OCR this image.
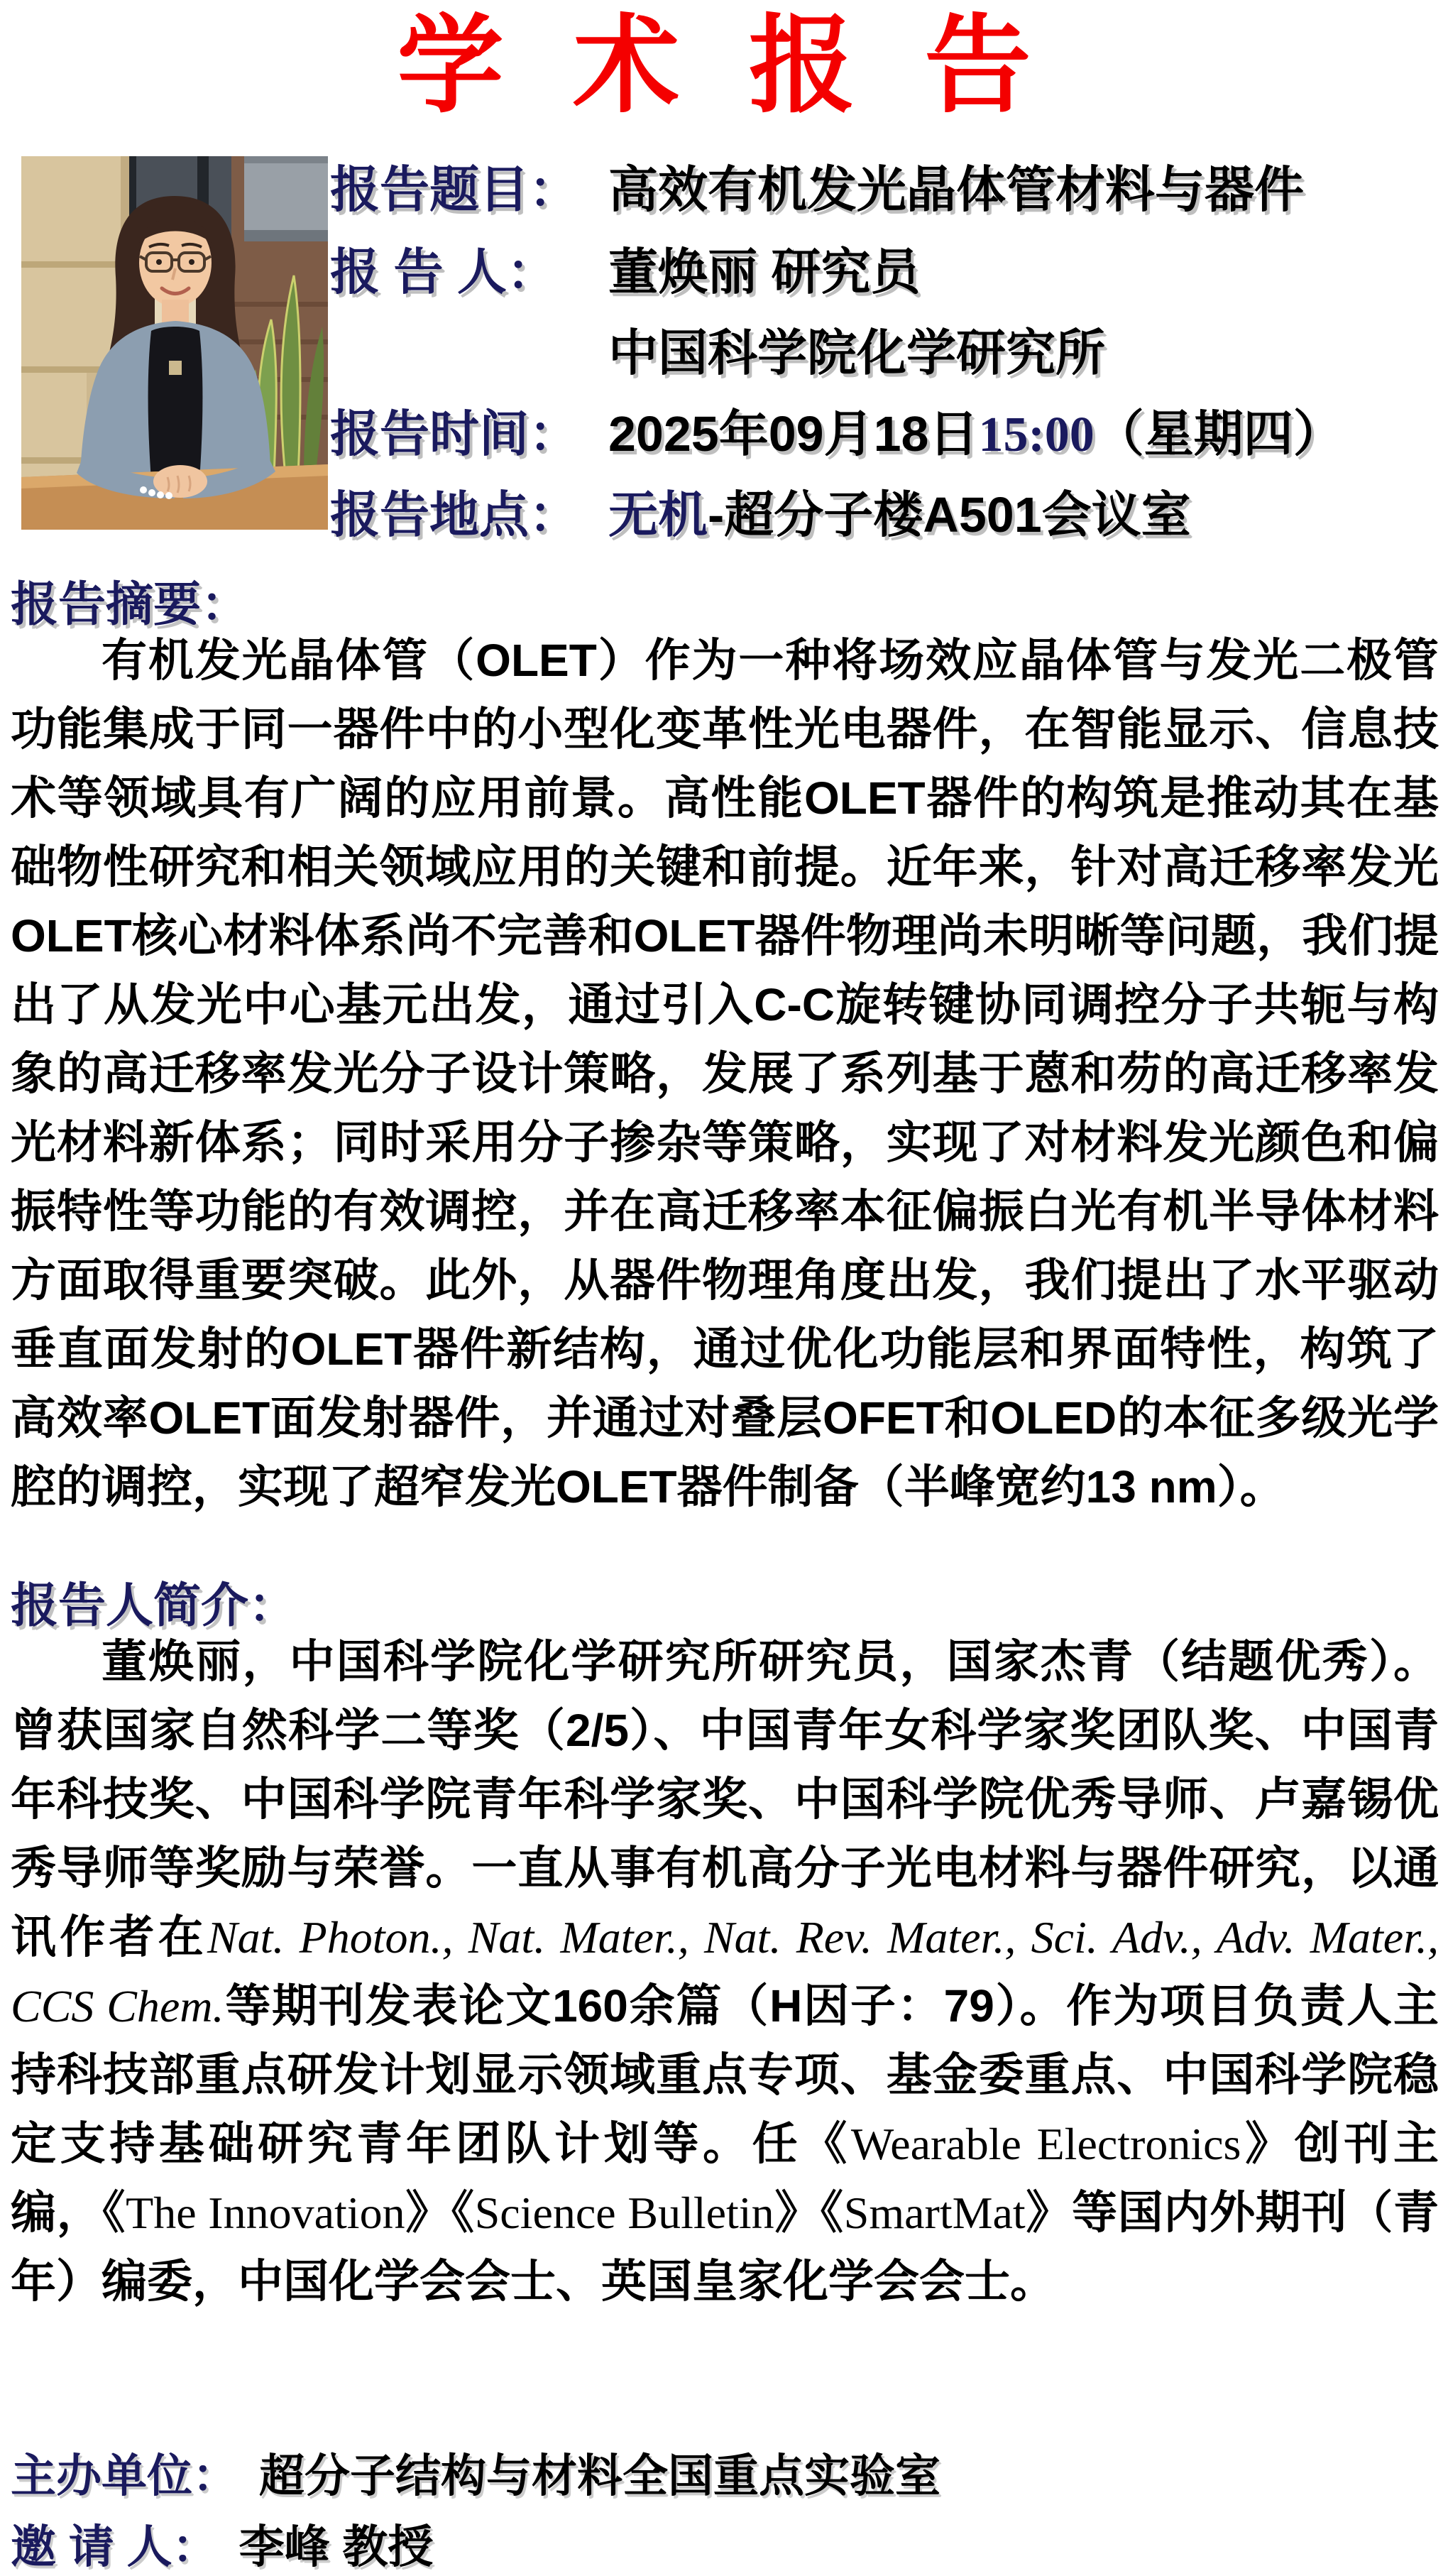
学 术 报 告
报告题目： 高效有机发光晶体管材料与器件
报 告 人： 董焕丽 研究员
中国科学院化学研究所
报告时间： 2025年09月18日15:00（星期四）
报告地点： 无机-超分子楼A501会议室
报告摘要：

有机发光晶体管（OLET）作为一种将场效应晶体管与发光二极管功能集成于同一器件中的小型化变革性光电器件，在智能显示、信息技术等领域具有广阔的应用前景。高性能OLET器件的构筑是推动其在基础物性研究和相关领域应用的关键和前提。近年来，针对高迁移率发光OLET核心材料体系尚不完善和OLET器件物理尚未明晰等问题，我们提出了从发光中心基元出发，通过引入C-C旋转键协同调控分子共轭与构象的高迁移率发光分子设计策略，发展了系列基于蒽和芴的高迁移率发光材料新体系；同时采用分子掺杂等策略，实现了对材料发光颜色和偏振特性等功能的有效调控，并在高迁移率本征偏振白光有机半导体材料方面取得重要突破。此外，从器件物理角度出发，我们提出了水平驱动垂直面发射的OLET器件新结构，通过优化功能层和界面特性，构筑了高效率OLET面发射器件，并通过对叠层OFET和OLED的本征多级光学腔的调控，实现了超窄发光OLET器件制备（半峰宽约13 nm）。

报告人简介：

董焕丽，中国科学院化学研究所研究员，国家杰青（结题优秀）。曾获国家自然科学二等奖（2/5）、中国青年女科学家奖团队奖、中国青年科技奖、中国科学院青年科学家奖、中国科学院优秀导师、卢嘉锡优秀导师等奖励与荣誉。一直从事有机高分子光电材料与器件研究，以通讯作者在Nat. Photon., Nat. Mater., Nat. Rev. Mater., Sci. Adv., Adv. Mater., CCS Chem.等期刊发表论文160余篇（H因子：79）。作为项目负责人主持科技部重点研发计划显示领域重点专项、基金委重点、中国科学院稳定支持基础研究青年团队计划等。任《Wearable Electronics》创刊主编，《The Innovation》《Science Bulletin》《SmartMat》等国内外期刊（青年）编委，中国化学会会士、英国皇家化学会会士。

主办单位： 超分子结构与材料全国重点实验室
邀 请 人： 李峰 教授
